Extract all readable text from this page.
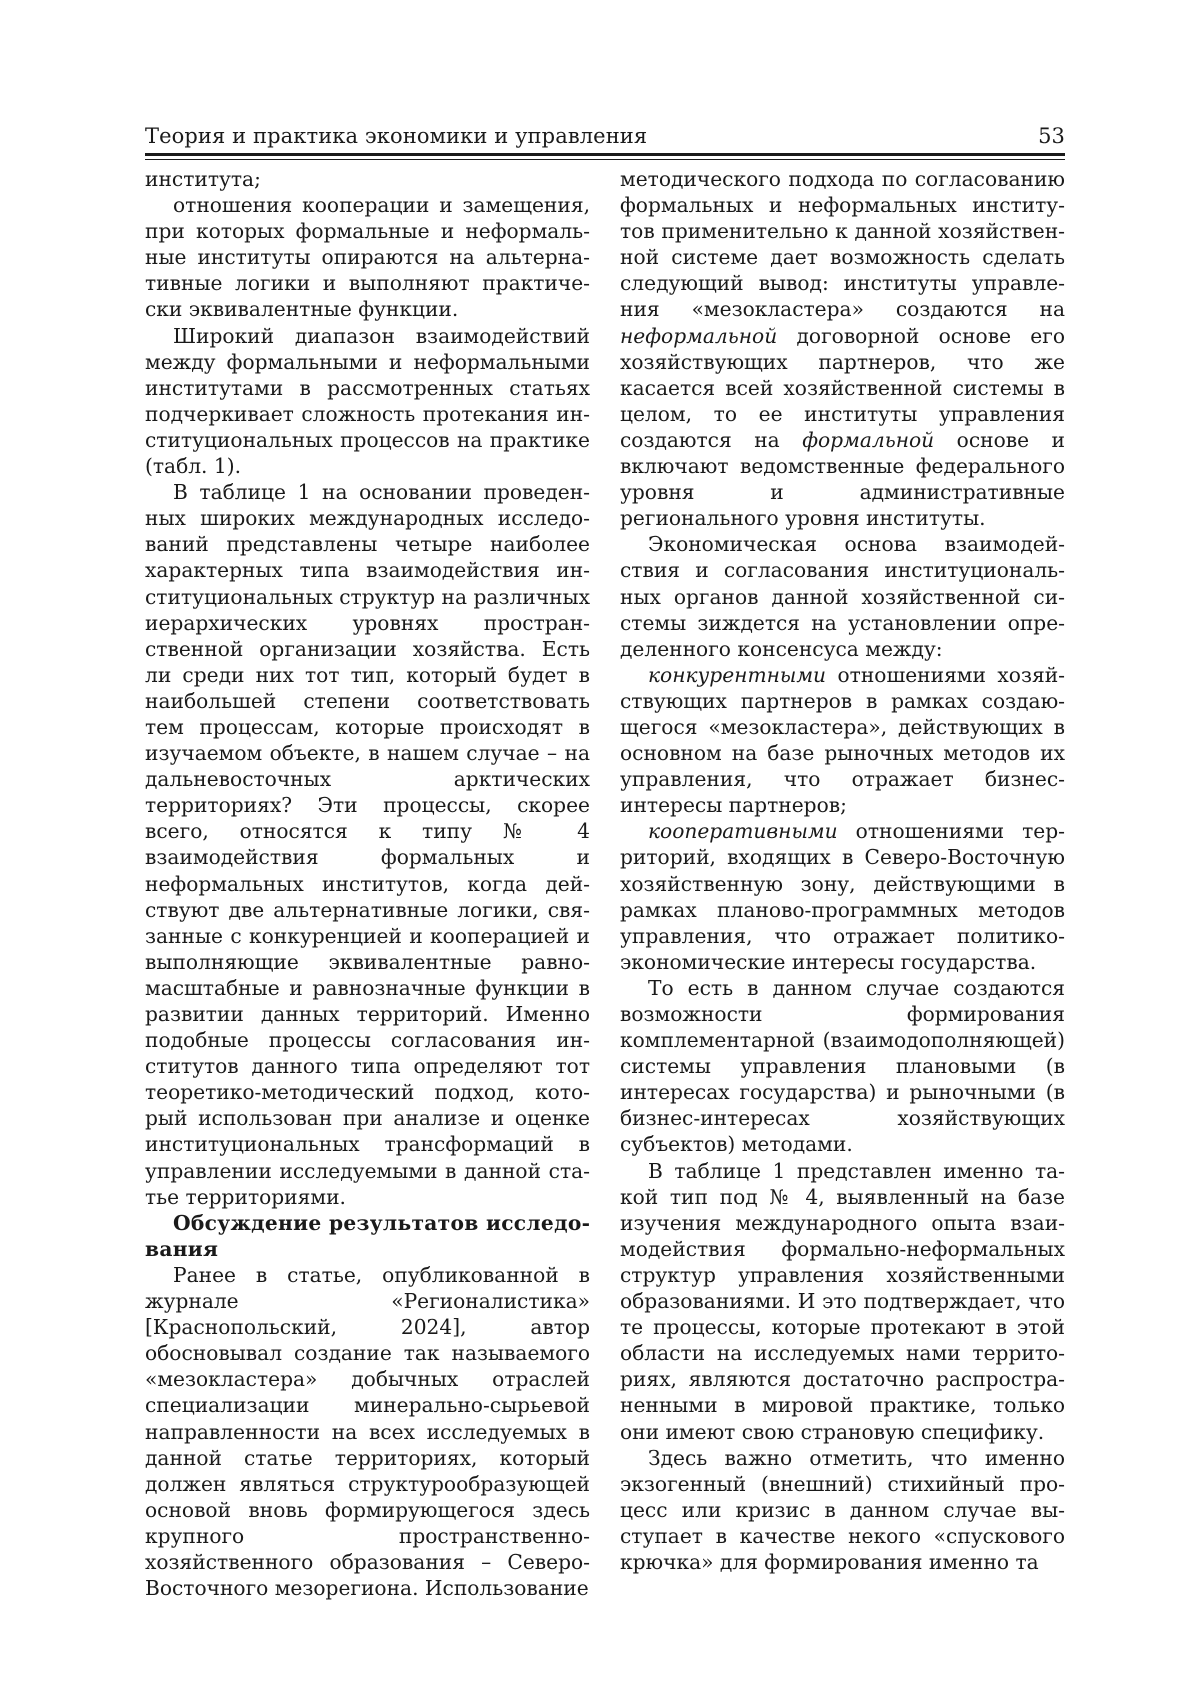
Теория и практика экономики и управления	53

института;

отношения кооперации и замещения, при которых формальные и неформальные институты опираются на альтернативные логики и выполняют практически эквивалентные функции.

Широкий диапазон взаимодействий между формальными и неформальными институтами в рассмотренных статьях подчеркивает сложность протекания институциональных процессов на практике (табл. 1).

В таблице 1 на основании проведенных широких международных исследований представлены четыре наиболее характерных типа взаимодействия институциональных структур на различных иерархических уровнях пространственной организации хозяйства. Есть ли среди них тот тип, который будет в наибольшей степени соответствовать тем процессам, которые происходят в изучаемом объекте, в нашем случае – на дальневосточных арктических территориях? Эти процессы, скорее всего, относятся к типу № 4 взаимодействия формальных и неформальных институтов, когда действуют две альтернативные логики, связанные с конкуренцией и кооперацией и выполняющие эквивалентные равномасштабные и равнозначные функции в развитии данных территорий. Именно подобные процессы согласования институтов данного типа определяют тот теоретико-методический подход, который использован при анализе и оценке институциональных трансформаций в управлении исследуемыми в данной статье территориями.

Обсуждение результатов исследования

Ранее в статье, опубликованной в журнале «Регионалистика» [Краснопольский, 2024], автор обосновывал создание так называемого «мезокластера» добычных отраслей специализации минерально-сырьевой направленности на всех исследуемых в данной статье территориях, который должен являться структурообразующей основой вновь формирующегося здесь крупного пространственно-хозяйственного образования – Северо-Восточного мезорегиона. Использование

методического подхода по согласованию формальных и неформальных институтов применительно к данной хозяйственной системе дает возможность сделать следующий вывод: институты управления «мезокластера» создаются на неформальной договорной основе его хозяйствующих партнеров, что же касается всей хозяйственной системы в целом, то ее институты управления создаются на формальной основе и включают ведомственные федерального уровня и административные регионального уровня институты.

Экономическая основа взаимодействия и согласования институциональных органов данной хозяйственной системы зиждется на установлении определенного консенсуса между:

конкурентными отношениями хозяйствующих партнеров в рамках создающегося «мезокластера», действующих в основном на базе рыночных методов их управления, что отражает бизнес-интересы партнеров;

кооперативными отношениями территорий, входящих в Северо-Восточную хозяйственную зону, действующими в рамках планово-программных методов управления, что отражает политико-экономические интересы государства.

То есть в данном случае создаются возможности формирования комплементарной (взаимодополняющей) системы управления плановыми (в интересах государства) и рыночными (в бизнес-интересах хозяйствующих субъектов) методами.

В таблице 1 представлен именно такой тип под № 4, выявленный на базе изучения международного опыта взаимодействия формально-неформальных структур управления хозяйственными образованиями. И это подтверждает, что те процессы, которые протекают в этой области на исследуемых нами территориях, являются достаточно распространенными в мировой практике, только они имеют свою страновую специфику.

Здесь важно отметить, что именно экзогенный (внешний) стихийный процесс или кризис в данном случае выступает в качестве некого «спускового крючка» для формирования именно та
